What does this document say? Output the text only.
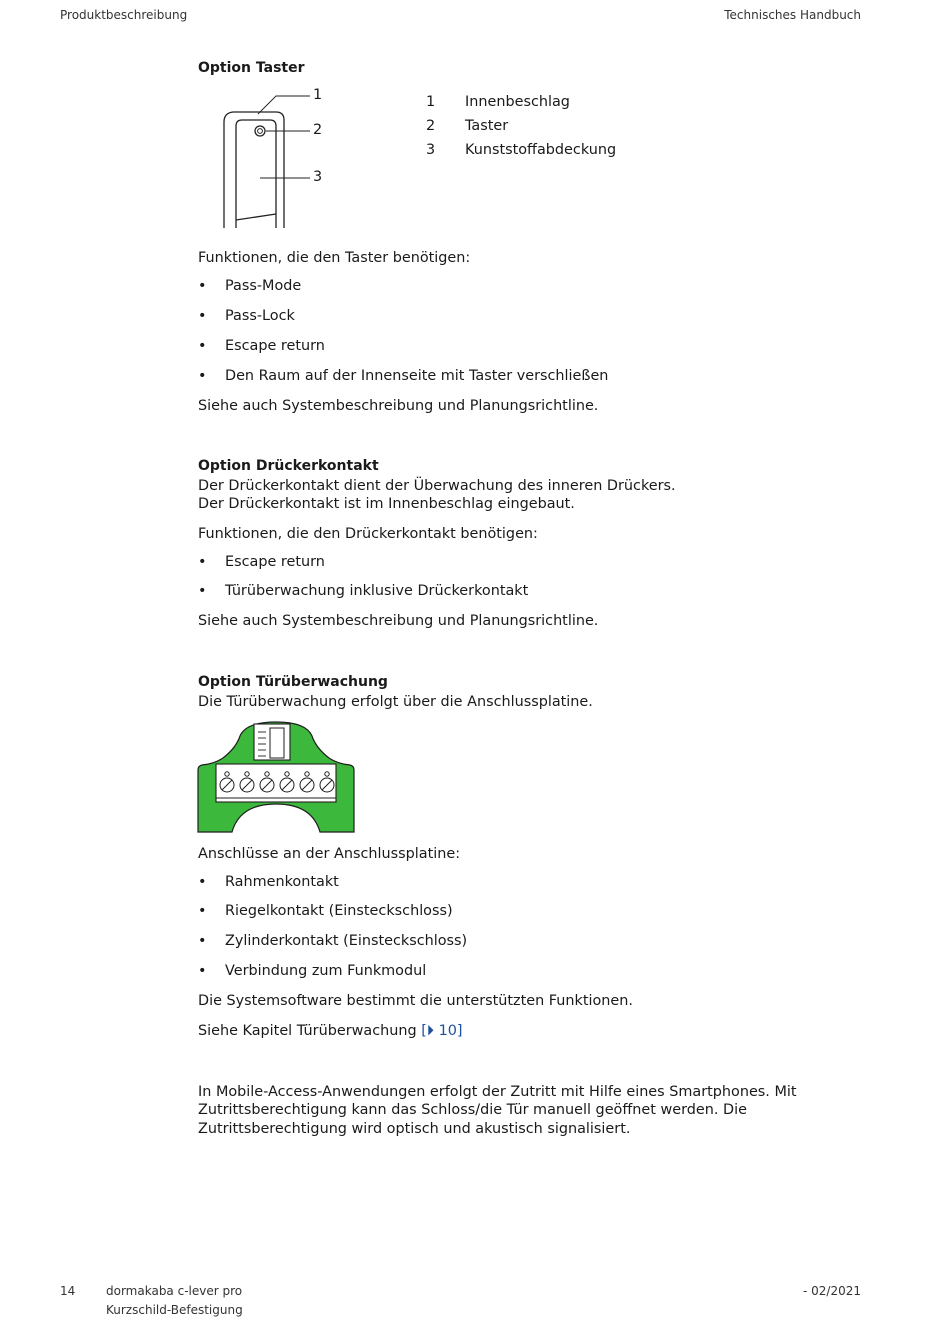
Produktbeschreibung	Technisches Handbuch
Option Taster
1
2
3
1 Innenbeschlag
2 Taster
3 Kunststoffabdeckung
Funktionen, die den Taster benötigen:
• Pass-Mode
• Pass-Lock
• Escape return
• Den Raum auf der Innenseite mit Taster verschließen
Siehe auch Systembeschreibung und Planungsrichtline.
Option Drückerkontakt
Der Drückerkontakt dient der Überwachung des inneren Drückers.
Der Drückerkontakt ist im Innenbeschlag eingebaut.
Funktionen, die den Drückerkontakt benötigen:
• Escape return
• Türüberwachung inklusive Drückerkontakt
Siehe auch Systembeschreibung und Planungsrichtline.
Option Türüberwachung
Die Türüberwachung erfolgt über die Anschlussplatine.
Anschlüsse an der Anschlussplatine:
• Rahmenkontakt
• Riegelkontakt (Einsteckschloss)
• Zylinderkontakt (Einsteckschloss)
• Verbindung zum Funkmodul
Die Systemsoftware bestimmt die unterstützten Funktionen.
Siehe Kapitel Türüberwachung [⏵ 10]
In Mobile-Access-Anwendungen erfolgt der Zutritt mit Hilfe eines Smartphones. Mit
Zutrittsberechtigung kann das Schloss/die Tür manuell geöffnet werden. Die
Zutrittsberechtigung wird optisch und akustisch signalisiert.
14	dormakaba c-lever pro
Kurzschild-Befestigung
- 02/2021
